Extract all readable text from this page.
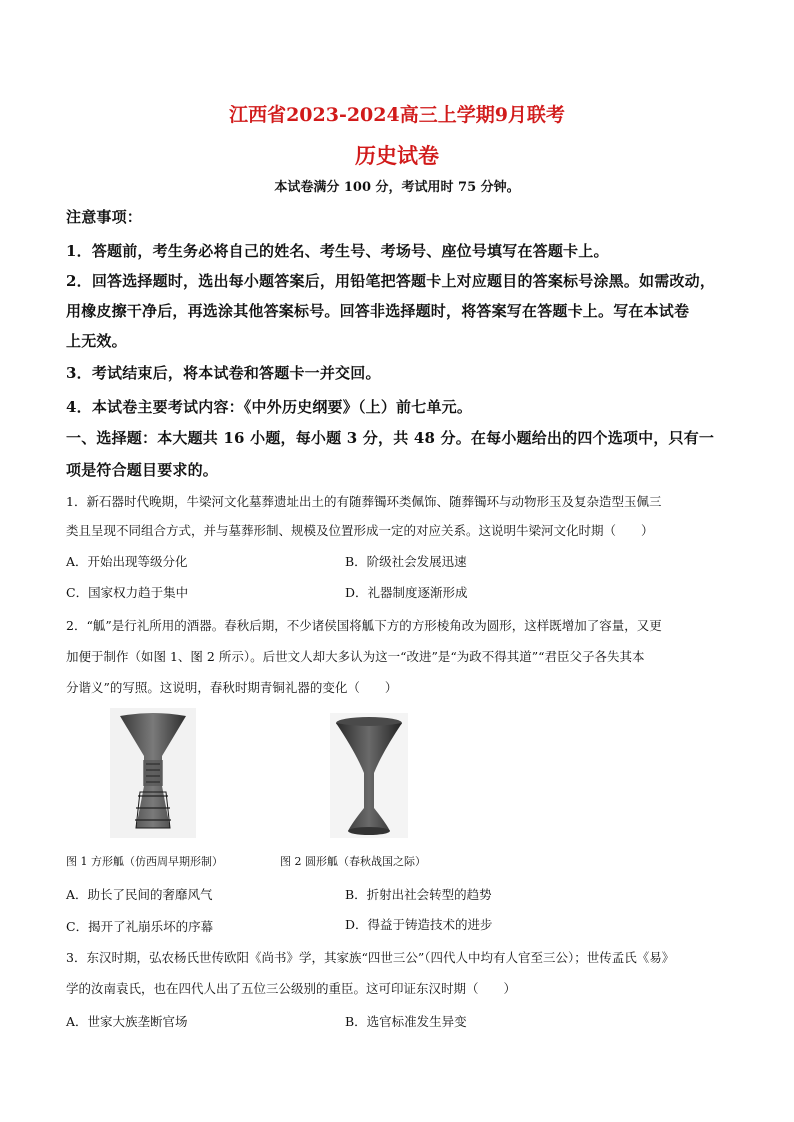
江西省2023-2024高三上学期9月联考
历史试卷
本试卷满分 100 分，考试用时 75 分钟。
注意事项：
1．答题前，考生务必将自己的姓名、考生号、考场号、座位号填写在答题卡上。
2．回答选择题时，选出每小题答案后，用铅笔把答题卡上对应题目的答案标号涂黑。如需改动，
用橡皮擦干净后，再选涂其他答案标号。回答非选择题时，将答案写在答题卡上。写在本试卷
上无效。
3．考试结束后，将本试卷和答题卡一并交回。
4．本试卷主要考试内容：《中外历史纲要》（上）前七单元。
一、选择题：本大题共 16 小题，每小题 3 分，共 48 分。在每小题给出的四个选项中，只有一
项是符合题目要求的。
1．新石器时代晚期，牛梁河文化墓葬遗址出土的有随葬镯环类佩饰、随葬镯环与动物形玉及复杂造型玉佩三
类且呈现不同组合方式，并与墓葬形制、规模及位置形成一定的对应关系。这说明牛梁河文化时期（　　）
A．开始出现等级分化	B．阶级社会发展迅速
C．国家权力趋于集中	D．礼器制度逐渐形成
2．“觚”是行礼所用的酒器。春秋后期，不少诸侯国将觚下方的方形棱角改为圆形，这样既增加了容量，又更
加便于制作（如图 1、图 2 所示）。后世文人却大多认为这一“改进”是“为政不得其道”“君臣父子各失其本
分谐义”的写照。这说明，春秋时期青铜礼器的变化（　　）
图 1 方形觚（仿西周早期形制）	图 2 圆形觚（春秋战国之际）
A．助长了民间的奢靡风气	B．折射出社会转型的趋势
C．揭开了礼崩乐坏的序幕	D．得益于铸造技术的进步
3．东汉时期，弘农杨氏世传欧阳《尚书》学，其家族“四世三公”（四代人中均有人官至三公）；世传孟氏《易》
学的汝南袁氏，也在四代人出了五位三公级别的重臣。这可印证东汉时期（　　）
A．世家大族垄断官场	B．选官标准发生异变
